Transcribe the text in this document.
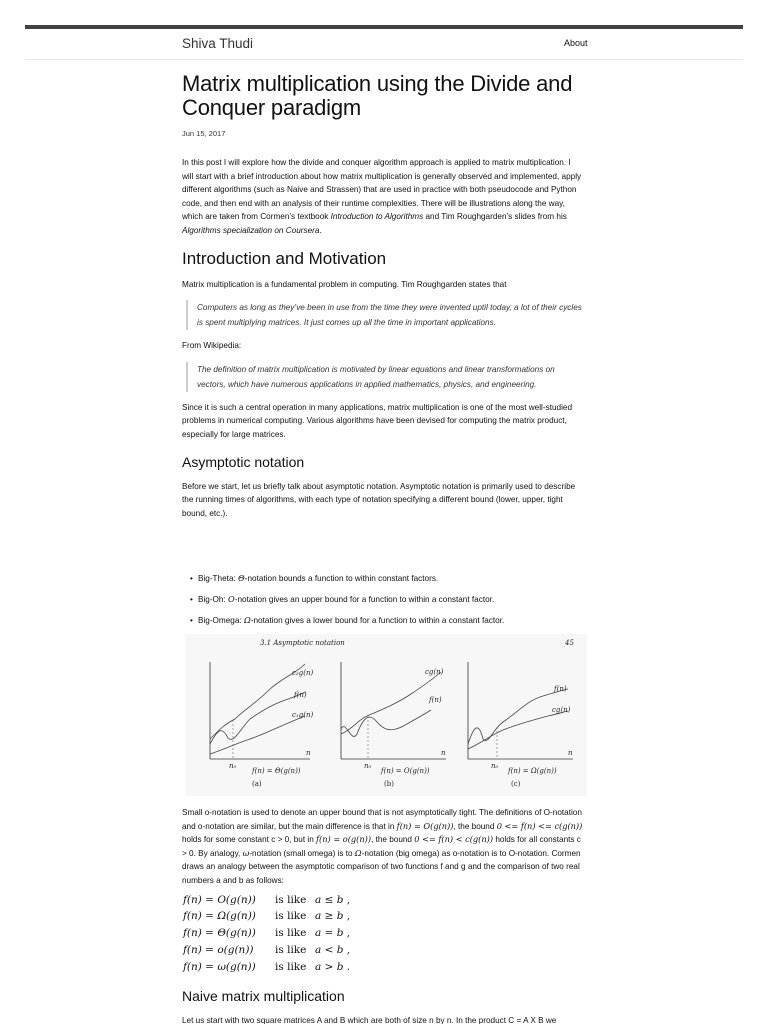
Shiva Thudi	About
Matrix multiplication using the Divide and Conquer paradigm
Jun 15, 2017

In this post I will explore how the divide and conquer algorithm approach is applied to matrix multiplication. I will start with a brief introduction about how matrix multiplication is generally observed and implemented, apply different algorithms (such as Naive and Strassen) that are used in practice with both pseudocode and Python code, and then end with an analysis of their runtime complexities. There will be illustrations along the way, which are taken from Cormen’s textbook Introduction to Algorithms and Tim Roughgarden’s slides from his Algorithms specialization on Coursera.

Introduction and Motivation

Matrix multiplication is a fundamental problem in computing. Tim Roughgarden states that

Computers as long as they’ve been in use from the time they were invented uptil today, a lot of their cycles is spent multiplying matrices. It just comes up all the time in important applications.

From Wikipedia:

The definition of matrix multiplication is motivated by linear equations and linear transformations on vectors, which have numerous applications in applied mathematics, physics, and engineering.

Since it is such a central operation in many applications, matrix multiplication is one of the most well-studied problems in numerical computing. Various algorithms have been devised for computing the matrix product, especially for large matrices.

Asymptotic notation

Before we start, let us briefly talk about asymptotic notation. Asymptotic notation is primarily used to describe the running times of algorithms, with each type of notation specifying a different bound (lower, upper, tight bound, etc.).

• Big-Theta: Θ-notation bounds a function to within constant factors.
• Big-Oh: O-notation gives an upper bound for a function to within a constant factor.
• Big-Omega: Ω-notation gives a lower bound for a function to within a constant factor.
3.1 Asymptotic notation	45
c₂g(n)
f(n)
c₁g(n)
n₀
n
f(n) = Θ(g(n))
(a)
cg(n)
f(n)
n₀
n
f(n) = O(g(n))
(b)
f(n)
cg(n)
n₀
n
f(n) = Ω(g(n))
(c)

Small o-notation is used to denote an upper bound that is not asymptotically tight. The definitions of O-notation and o-notation are similar, but the main difference is that in f(n) = O(g(n)), the bound 0 <= f(n) <= c(g(n)) holds for some constant c > 0, but in f(n) = o(g(n)), the bound 0 <= f(n) < c(g(n)) holds for all constants c > 0. By analogy, ω-notation (small omega) is to Ω-notation (big omega) as o-notation is to O-notation. Cormen draws an analogy between the asymptotic comparison of two functions f and g and the comparison of two real numbers a and b as follows:

f(n) = O(g(n))	is like a ≤ b ,
f(n) = Ω(g(n))	is like a ≥ b ,
f(n) = Θ(g(n))	is like a = b ,
f(n) = o(g(n))	is like a < b ,
f(n) = ω(g(n))	is like a > b .
Naive matrix multiplication

Let us start with two square matrices A and B which are both of size n by n. In the product C = A X B we
